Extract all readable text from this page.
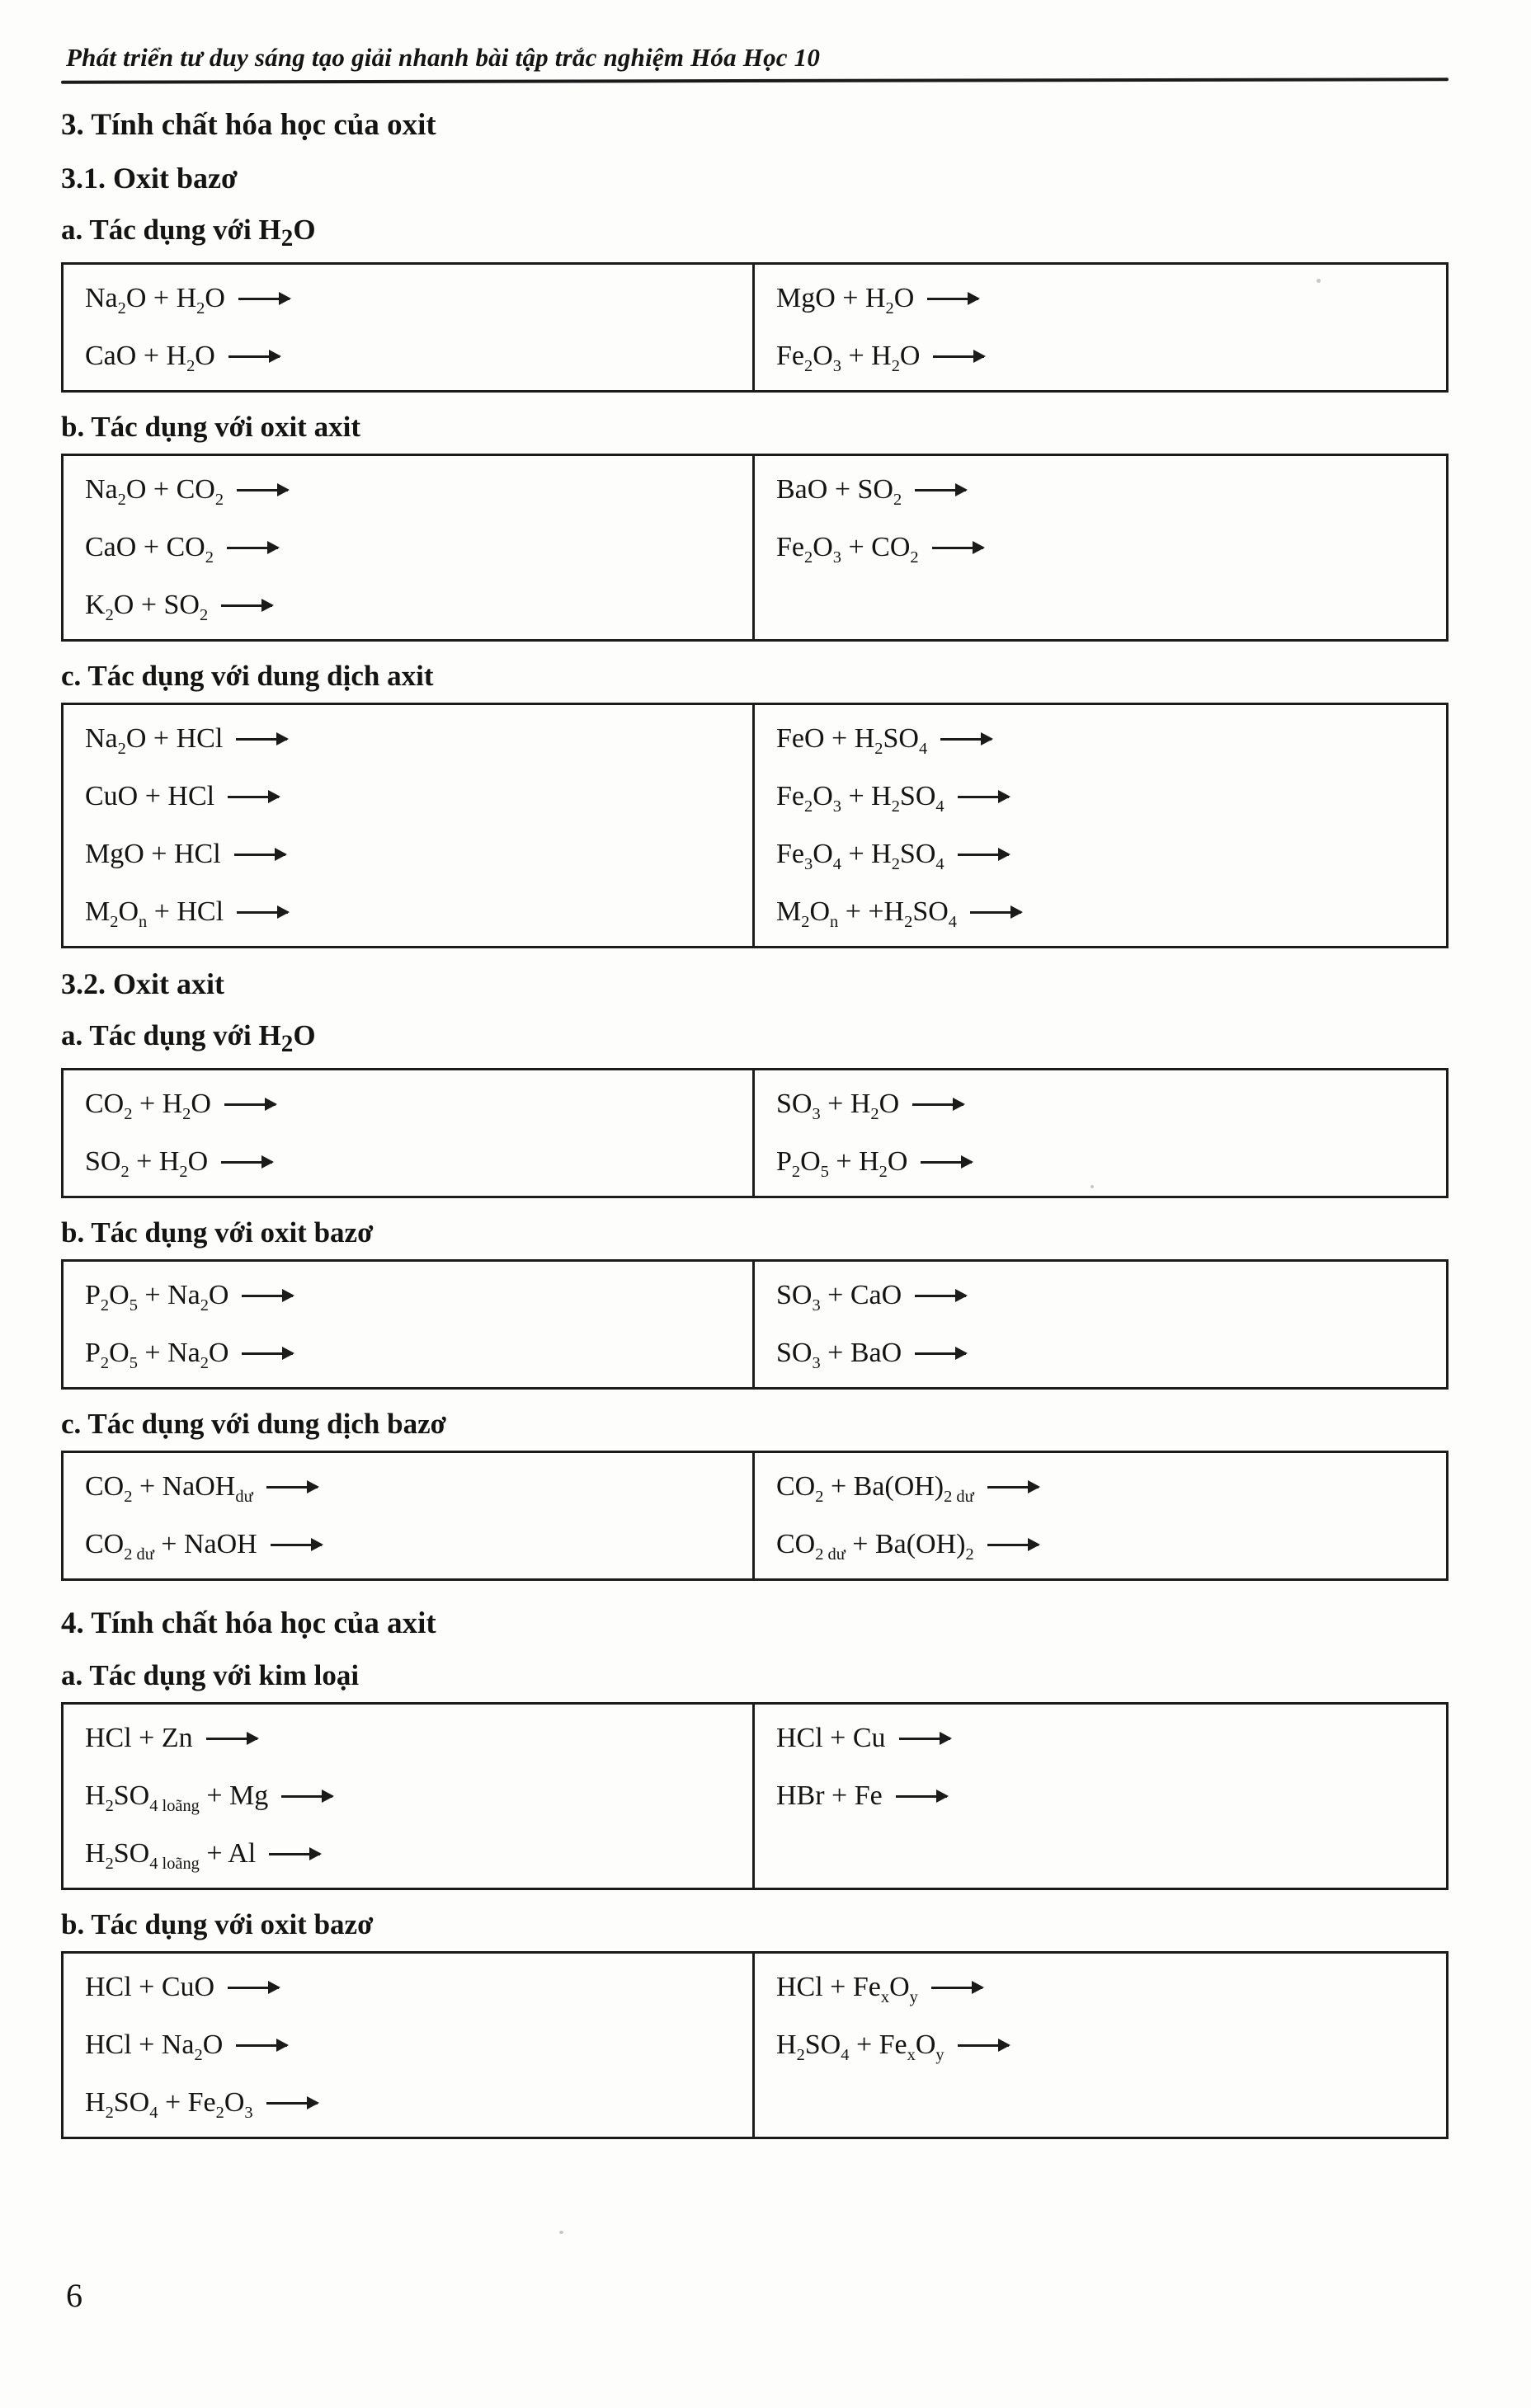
Phát triển tư duy sáng tạo giải nhanh bài tập trắc nghiệm Hóa Học 10
3. Tính chất hóa học của oxit
3.1. Oxit bazơ
a. Tác dụng với $H_2O$
$Na_2O + H_2O$ →
CaO + $H_2O$ →
MgO + $H_2O$ →
$Fe_2O_3 + H_2O$ →
b. Tác dụng với oxit axit
$Na_2O + CO_2$
CaO + $CO_2$
$K_2O + SO_2$
BaO + $SO_2$
$Fe_2O_3 + CO_2$
c. Tác dụng với dung dịch axit
$Na_2O$ + HCl →
CuO + HCl →
MgO + HCl →
$M_2O_n$ + HCl →
FeO + $H_2SO_4$
$Fe_2O_3 + H_2SO_4$
$Fe_3O_4 + H_2SO_4$
$M_2O_n + +H_2SO_4$
3.2. Oxit axit
a. Tác dụng với $H_2O$
$CO_2 + H_2O$ →
$SO_2 + H_2O$ →
$SO_3 + H_2O$ →
$P_2O_5 + H_2O$ →
b. Tác dụng với oxit bazơ
$P_2O_5 + Na_2O$ →
$P_2O_5 + Na_2O$ →
$SO_3$ + CaO →
$SO_3$ + BaO →
c. Tác dụng với dung dịch bazơ
$CO_2$ + NaOH$_{dư}$
$CO_{2 dư}$ + NaOH →
$CO_2 + Ba(OH)_{2 dư}$
$CO_{2 dư} + Ba(OH)_2$
4. Tính chất hóa học của axit
a. Tác dụng với kim loại
HCl + Zn →
$H_2SO_{4 loãng} + Mg$ →
$H_2SO_{4 loãng} + Al$ →
HCl + Cu →
HBr + Fe →
b. Tác dụng với oxit bazơ
HCl + CuO →
HCl + $Na_2O$ →
$H_2SO_4 + Fe_2O_3$
HCl + $Fe_xO_y$
$H_2SO_4 + Fe_xO_y$
6
